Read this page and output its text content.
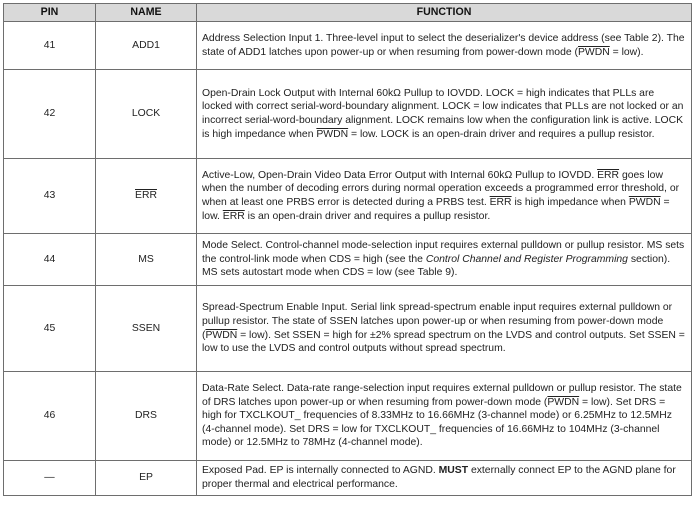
PIN	NAME	FUNCTION
41	ADD1	Address Selection Input 1. Three-level input to select the deserializer's device address (see Table 2). The state of ADD1 latches upon power-up or when resuming from power-down mode (PWDN = low).
42	LOCK	Open-Drain Lock Output with Internal 60kΩ Pullup to IOVDD. LOCK = high indicates that PLLs are locked with correct serial-word-boundary alignment. LOCK = low indicates that PLLs are not locked or an incorrect serial-word-boundary alignment. LOCK remains low when the configuration link is active. LOCK is high impedance when PWDN = low. LOCK is an open-drain driver and requires a pullup resistor.
43	$\overline{ERR}$	Active-Low, Open-Drain Video Data Error Output with Internal 60kΩ Pullup to IOVDD. $\overline{ERR}$ goes low when the number of decoding errors during normal operation exceeds a programmed error threshold, or when at least one PRBS error is detected during a PRBS test. $\overline{ERR}$ is high impedance when PWDN = low. $\overline{ERR}$ is an open-drain driver and requires a pullup resistor.
44	MS	Mode Select. Control-channel mode-selection input requires external pulldown or pullup resistor. MS sets the control-link mode when CDS = high (see the Control Channel and Register Programming section). MS sets autostart mode when CDS = low (see Table 9).
45	SSEN	Spread-Spectrum Enable Input. Serial link spread-spectrum enable input requires external pulldown or pullup resistor. The state of SSEN latches upon power-up or when resuming from power-down mode (PWDN = low). Set SSEN = high for ±2% spread spectrum on the LVDS and control outputs. Set SSEN = low to use the LVDS and control outputs without spread spectrum.
46	DRS	Data-Rate Select. Data-rate range-selection input requires external pulldown or pullup resistor. The state of DRS latches upon power-up or when resuming from power-down mode (PWDN = low). Set DRS = high for TXCLKOUT_ frequencies of 8.33MHz to 16.66MHz (3-channel mode) or 6.25MHz to 12.5MHz (4-channel mode). Set DRS = low for TXCLKOUT_ frequencies of 16.66MHz to 104MHz (3-channel mode) or 12.5MHz to 78MHz (4-channel mode).
—	EP	Exposed Pad. EP is internally connected to AGND. MUST externally connect EP to the AGND plane for proper thermal and electrical performance.
